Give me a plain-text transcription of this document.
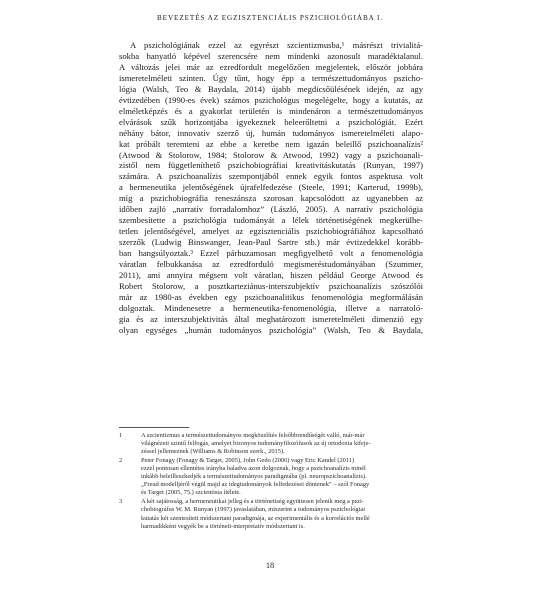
BEVEZETÉS AZ EGZISZTENCIÁLIS PSZICHOLÓGIÁBA I.
A pszichológiának ezzel az egyrészt szcientizmusba,¹ másrészt trivialitá-
sokba hanyatló képével szerencsére nem mindenki azonosult maradéktalanul.
A változás jelei már az ezredfordult megelőzően megjelentek, először jobbára
ismeretelméleti szinten. Úgy tűnt, hogy épp a természettudományos pszicho-
lógia (Walsh, Teo & Baydala, 2014) újabb megdicsőülésének idején, az agy
évtizedében (1990-es évek) számos pszichológus megelégelte, hogy a kutatás, az
elméletképzés és a gyakorlat területén is mindenáron a természettudományos
elvárások szűk horizontjába igyekeznek beleerőltetni a pszichológiát. Ezért
néhány bátor, innovatív szerző új, humán tudományos ismeretelméleti alapo-
kat próbált teremteni az ebbe a keretbe nem igazán beleillő pszichoanalízis²
(Atwood & Stolorow, 1984; Stolorow & Atwood, 1992) vagy a pszichoanali-
zistől nem függetleníthető pszichobiográfiai kreativitáskutatás (Runyan, 1997)
számára. A pszichoanalízis szempontjából ennek egyik fontos aspektusa volt
a hermeneutika jelentőségének újrafelfedezése (Steele, 1991; Karterud, 1999b),
míg a pszichobiográfia reneszánsza szorosan kapcsolódott az ugyanebben az
időben zajló „narratív forradalomhoz” (László, 2005). A narratív pszichológia
szembesítette a pszichológia tudományát a lélek történetiségének megkerülhe-
tetlen jelentőségével, amelyet az egzisztenciális pszichobiográfiához kapcsolható
szerzők (Ludwig Binswanger, Jean-Paul Sartre stb.) már évtizedekkel korább-
ban hangsúlyoztak.³ Ezzel párhuzamosan megfigyelhető volt a fenomenológia
váratlan felbukkanása az ezredforduló megismeréstudományában (Szummer,
2011), ami annyira mégsem volt váratlan, hiszen például George Atwood és
Robert Stolorow, a posztkarteziánus-interszubjektív pszichoanalízis szószólói
már az 1980-as években egy pszichoanalitikus fenomenológia megformálásán
dolgoztak. Mindenesetre a hermeneutika-fenomenológia, illetve a narratoló-
gia és az interszubjektivitás által meghatározott ismeretelméleti dimenzió egy
olyan egységes „humán tudományos pszichológia” (Walsh, Teo & Baydala,
1	A szcientizmus a természettudományos megközelítés felsőbbrendűségét valló, már-már
világnézeti szintű felfogás, amelyet bizonyos tudományfilozófusok az új ortodoxia kifeje-
zéssel jellemeznek (Williams & Robinson szerk., 2015).
2	Peter Fonagy (Fonagy & Target, 2005), John Gedo (2006) vagy Eric Kandel (2011)
ezzel pontosan ellentétes irányba haladva azon dolgoznak, hogy a pszichoanalízis minél
inkább beleilleszkedjék a természettudományos paradigmába (pl. neuropszichoanalízis).
„Freud modelljéről végül majd az idegtudományok felfedezései döntenek” – szól Fonagy
és Target (2005, 75.) szcientista ítélete.
3	A két sajátosság, a hermeneutikai jelleg és a történetiség együttesen jelenik meg a pszi-
chobiográfus W. M. Runyan (1997) javaslatában, miszerint a tudományos pszichológiai
kutatás két szentesített módszertani paradigmája, az experimentális és a korrelációs mellé
harmadikként vegyék be a történeti-interpretatív módszertant is.
18
